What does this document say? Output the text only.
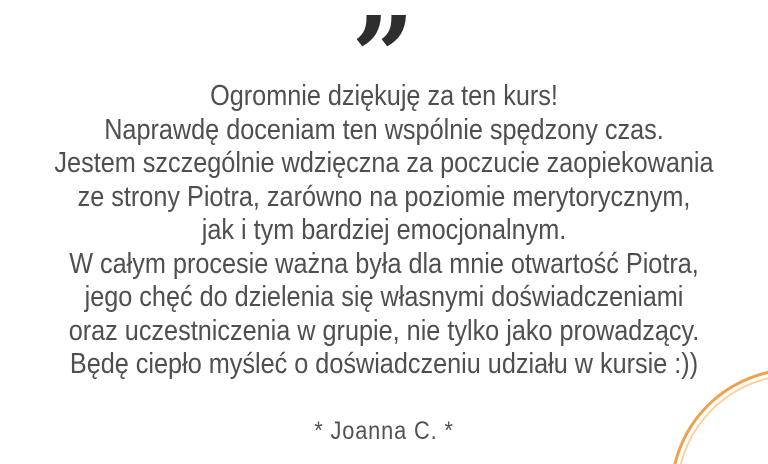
”
Ogromnie dziękuję za ten kurs!
Naprawdę doceniam ten wspólnie spędzony czas.
Jestem szczególnie wdzięczna za poczucie zaopiekowania
ze strony Piotra, zarówno na poziomie merytorycznym,
jak i tym bardziej emocjonalnym.
W całym procesie ważna była dla mnie otwartość Piotra,
jego chęć do dzielenia się własnymi doświadczeniami
oraz uczestniczenia w grupie, nie tylko jako prowadzący.
Będę ciepło myśleć o doświadczeniu udziału w kursie :))
* Joanna C. *
